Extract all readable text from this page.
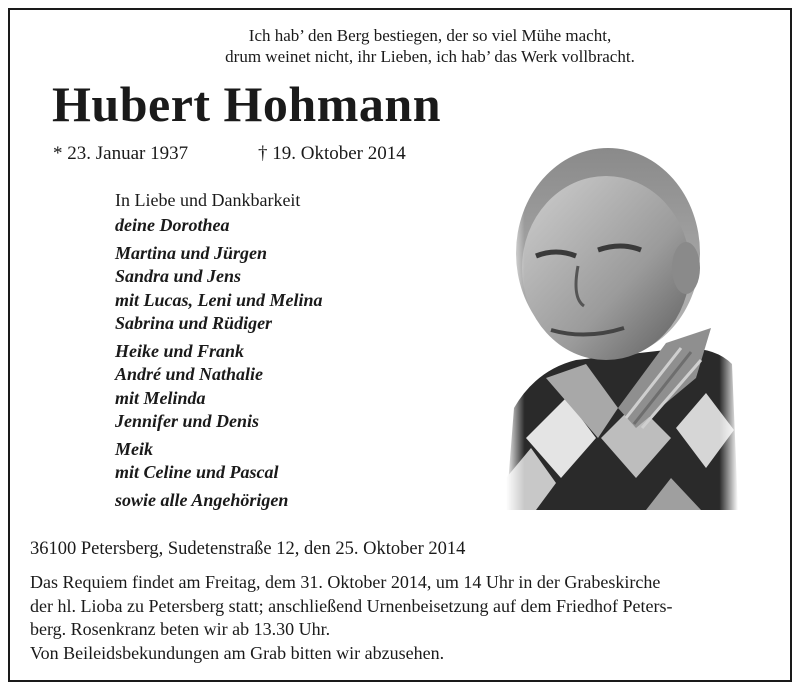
Ich hab’ den Berg bestiegen, der so viel Mühe macht,
drum weinet nicht, ihr Lieben, ich hab’ das Werk vollbracht.
Hubert Hohmann
* 23. Januar 1937	† 19. Oktober 2014
In Liebe und Dankbarkeit
deine Dorothea
Martina und Jürgen
Sandra und Jens
mit Lucas, Leni und Melina
Sabrina und Rüdiger
Heike und Frank
André und Nathalie
mit Melinda
Jennifer und Denis
Meik
mit Celine und Pascal
sowie alle Angehörigen
36100 Petersberg, Sudetenstraße 12, den 25. Oktober 2014
Das Requiem findet am Freitag, dem 31. Oktober 2014, um 14 Uhr in der Grabeskirche
der hl. Lioba zu Petersberg statt; anschließend Urnenbeisetzung auf dem Friedhof Peters-
berg. Rosenkranz beten wir ab 13.30 Uhr.
Von Beileidsbekundungen am Grab bitten wir abzusehen.
